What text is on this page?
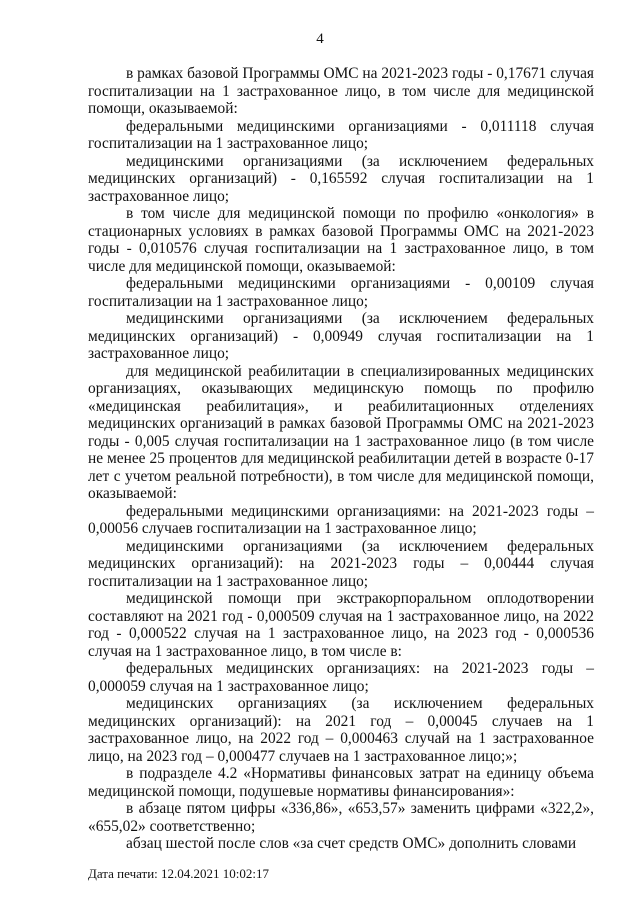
4

в рамках базовой Программы ОМС на 2021-2023 годы - 0,17671 случая госпитализации на 1 застрахованное лицо, в том числе для медицинской помощи, оказываемой:

федеральными медицинскими организациями - 0,011118 случая госпитализации на 1 застрахованное лицо;

медицинскими организациями (за исключением федеральных медицинских организаций) - 0,165592 случая госпитализации на 1 застрахованное лицо;

в том числе для медицинской помощи по профилю «онкология» в стационарных условиях в рамках базовой Программы ОМС на 2021-2023 годы - 0,010576 случая госпитализации на 1 застрахованное лицо, в том числе для медицинской помощи, оказываемой:

федеральными медицинскими организациями - 0,00109 случая госпитализации на 1 застрахованное лицо;

медицинскими организациями (за исключением федеральных медицинских организаций) - 0,00949 случая госпитализации на 1 застрахованное лицо;

для медицинской реабилитации в специализированных медицинских организациях, оказывающих медицинскую помощь по профилю «медицинская реабилитация», и реабилитационных отделениях медицинских организаций в рамках базовой Программы ОМС на 2021-2023 годы - 0,005 случая госпитализации на 1 застрахованное лицо (в том числе не менее 25 процентов для медицинской реабилитации детей в возрасте 0-17 лет с учетом реальной потребности), в том числе для медицинской помощи, оказываемой:

федеральными медицинскими организациями: на 2021-2023 годы – 0,00056 случаев госпитализации на 1 застрахованное лицо;

медицинскими организациями (за исключением федеральных медицинских организаций): на 2021-2023 годы – 0,00444 случая госпитализации на 1 застрахованное лицо;

медицинской помощи при экстракорпоральном оплодотворении составляют на 2021 год - 0,000509 случая на 1 застрахованное лицо, на 2022 год - 0,000522 случая на 1 застрахованное лицо, на 2023 год - 0,000536 случая на 1 застрахованное лицо, в том числе в:

федеральных медицинских организациях: на 2021-2023 годы – 0,000059 случая на 1 застрахованное лицо;

медицинских организациях (за исключением федеральных медицинских организаций): на 2021 год – 0,00045 случаев на 1 застрахованное лицо, на 2022 год – 0,000463 случай на 1 застрахованное лицо, на 2023 год – 0,000477 случаев на 1 застрахованное лицо;»;

в подразделе 4.2 «Нормативы финансовых затрат на единицу объема медицинской помощи, подушевые нормативы финансирования»:

в абзаце пятом цифры «336,86», «653,57» заменить цифрами «322,2», «655,02» соответственно;

абзац шестой после слов «за счет средств ОМС» дополнить словами

Дата печати: 12.04.2021 10:02:17
